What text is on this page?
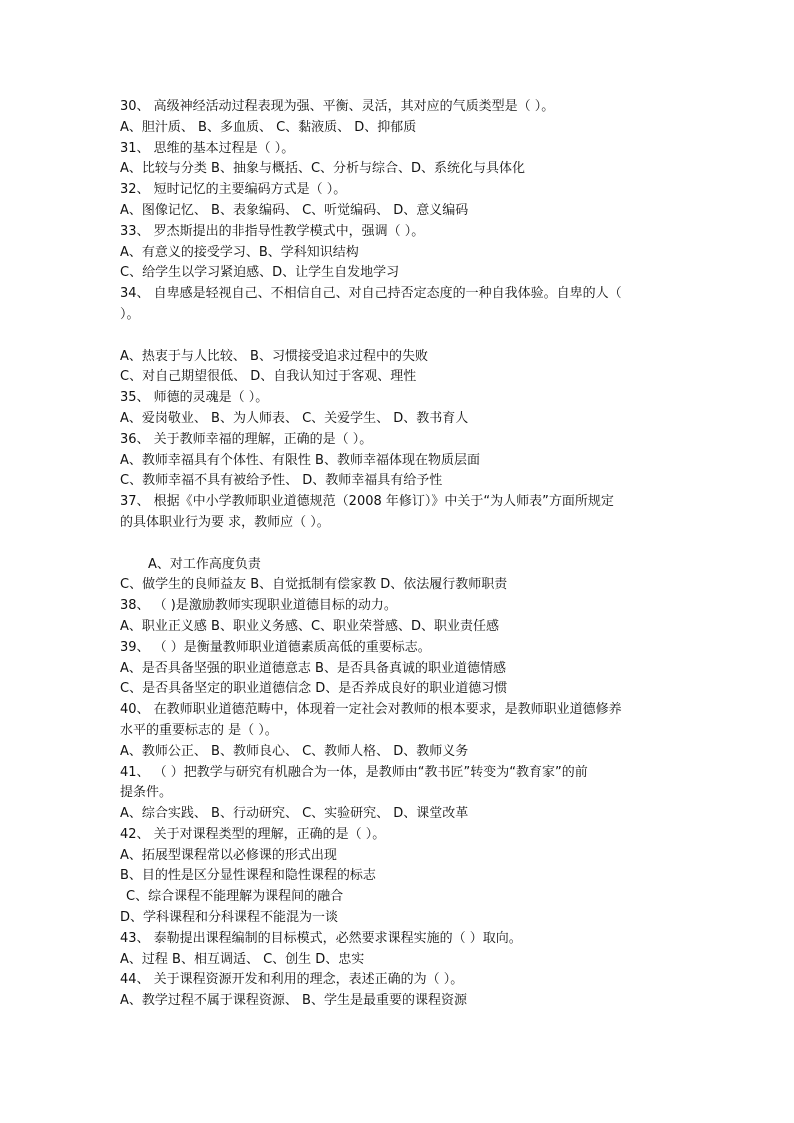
30、 高级神经活动过程表现为强、平衡、灵活，其对应的气质类型是（ ）。
A、胆汁质、 B、多血质、 C、黏液质、 D、抑郁质
31、 思维的基本过程是（ ）。
A、比较与分类 B、抽象与概括、C、分析与综合、D、系统化与具体化
32、 短时记忆的主要编码方式是（ ）。
A、图像记忆、 B、表象编码、 C、听觉编码、 D、意义编码
33、 罗杰斯提出的非指导性教学模式中，强调（ ）。
A、有意义的接受学习、B、学科知识结构
C、给学生以学习紧迫感、D、让学生自发地学习
34、 自卑感是轻视自己、不相信自己、对自己持否定态度的一种自我体验。自卑的人（
）。
A、热衷于与人比较、 B、习惯接受追求过程中的失败
C、对自己期望很低、 D、自我认知过于客观、理性
35、 师德的灵魂是（ ）。
A、爱岗敬业、 B、为人师表、 C、关爱学生、 D、教书育人
36、 关于教师幸福的理解，正确的是（ ）。
A、教师幸福具有个体性、有限性 B、教师幸福体现在物质层面
C、教师幸福不具有被给予性、 D、教师幸福具有给予性
37、 根据《中小学教师职业道德规范（2008 年修订）》中关于“为人师表”方面所规定
的具体职业行为要 求，教师应（ ）。
A、对工作高度负责
C、做学生的良师益友 B、自觉抵制有偿家教 D、依法履行教师职责
38、 （ )是激励教师实现职业道德目标的动力。
A、职业正义感 B、职业义务感、C、职业荣誉感、D、职业责任感
39、 （ ）是衡量教师职业道德素质高低的重要标志。
A、是否具备坚强的职业道德意志 B、是否具备真诚的职业道德情感
C、是否具备坚定的职业道德信念 D、是否养成良好的职业道德习惯
40、 在教师职业道德范畴中，体现着一定社会对教师的根本要求，是教师职业道德修养
水平的重要标志的 是（ ）。
A、教师公正、 B、教师良心、 C、教师人格、 D、教师义务
41、 （ ）把教学与研究有机融合为一体，是教师由“教书匠”转变为“教育家”的前
提条件。
A、综合实践、 B、行动研究、 C、实验研究、 D、课堂改革
42、 关于对课程类型的理解，正确的是（ ）。
A、拓展型课程常以必修课的形式出现
B、目的性是区分显性课程和隐性课程的标志
C、综合课程不能理解为课程间的融合
D、学科课程和分科课程不能混为一谈
43、 泰勒提出课程编制的目标模式，必然要求课程实施的（ ）取向。
A、过程 B、相互调适、 C、创生 D、忠实
44、 关于课程资源开发和利用的理念，表述正确的为（ ）。
A、教学过程不属于课程资源、 B、学生是最重要的课程资源
